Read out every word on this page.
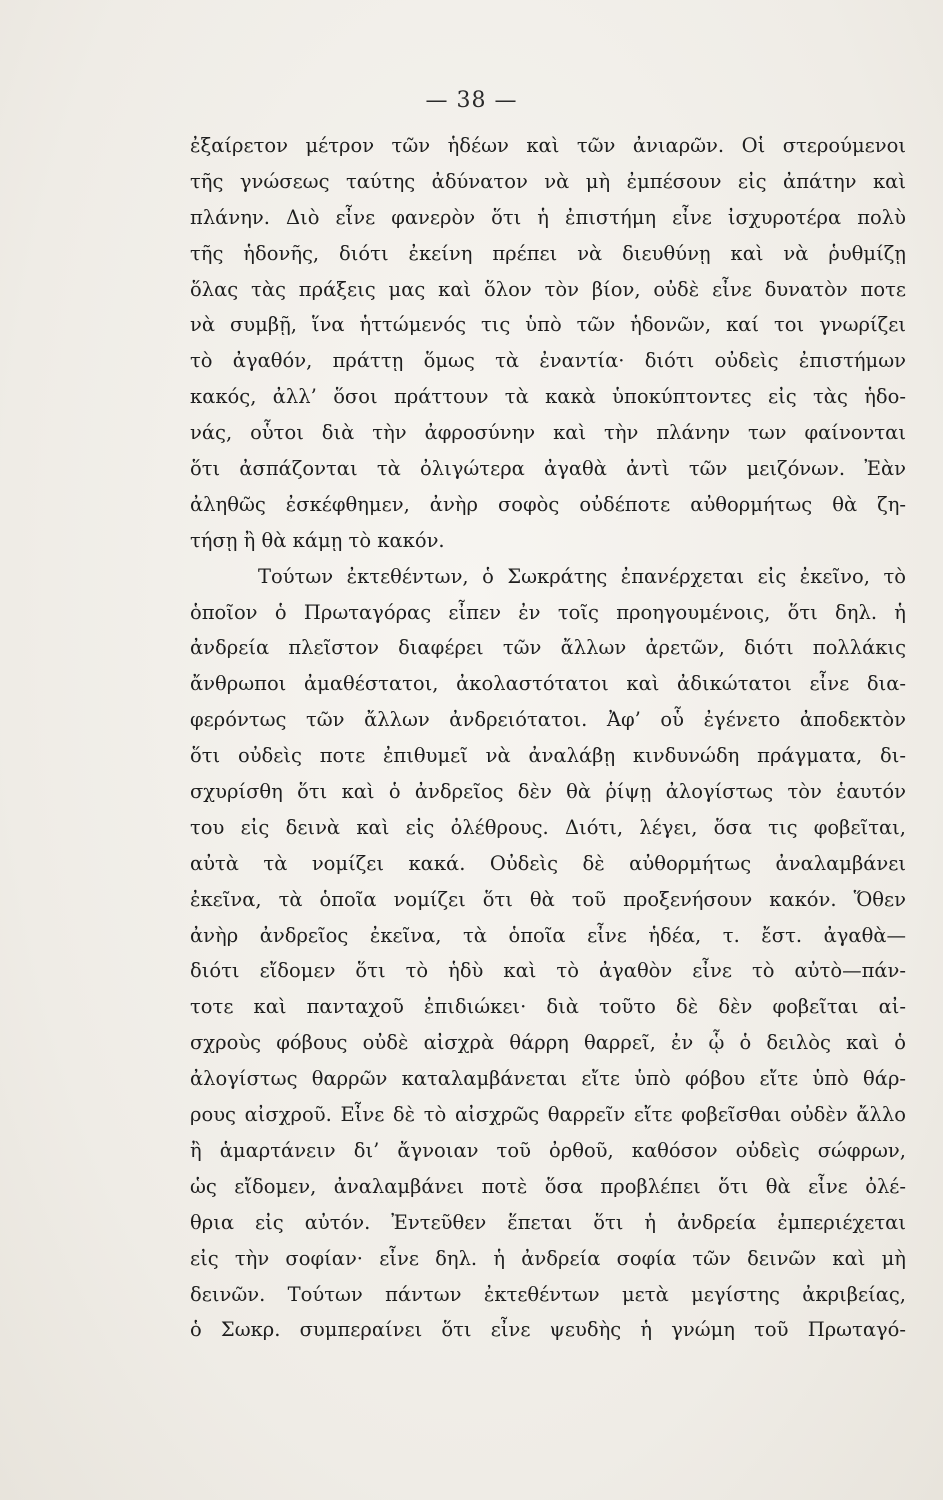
— 38 —
ἐξαίρετον μέτρον τῶν ἡδέων καὶ τῶν ἀνιαρῶν. Οἱ στερούμενοι
τῆς γνώσεως ταύτης ἀδύνατον νὰ μὴ ἐμπέσουν εἰς ἀπάτην καὶ
πλάνην. Διὸ εἶνε φανερὸν ὅτι ἡ ἐπιστήμη εἶνε ἰσχυροτέρα πολὺ
τῆς ἡδονῆς, διότι ἐκείνη πρέπει νὰ διευθύνῃ καὶ νὰ ῥυθμίζῃ
ὅλας τὰς πράξεις μας καὶ ὅλον τὸν βίον, οὐδὲ εἶνε δυνατὸν ποτε
νὰ συμβῇ, ἵνα ἡττώμενός τις ὑπὸ τῶν ἡδονῶν, καί τοι γνωρίζει
τὸ ἀγαθόν, πράττῃ ὅμως τὰ ἐναντία· διότι οὐδεὶς ἐπιστήμων
κακός, ἀλλ’ ὅσοι πράττουν τὰ κακὰ ὑποκύπτοντες εἰς τὰς ἡδο-
νάς, οὗτοι διὰ τὴν ἀφροσύνην καὶ τὴν πλάνην των φαίνονται
ὅτι ἀσπάζονται τὰ ὀλιγώτερα ἀγαθὰ ἀντὶ τῶν μειζόνων. Ἐὰν
ἀληθῶς ἐσκέφθημεν, ἀνὴρ σοφὸς οὐδέποτε αὐθορμήτως θὰ ζη-
τήσῃ ἢ θὰ κάμῃ τὸ κακόν.
Τούτων ἐκτεθέντων, ὁ Σωκράτης ἐπανέρχεται εἰς ἐκεῖνο, τὸ
ὁποῖον ὁ Πρωταγόρας εἶπεν ἐν τοῖς προηγουμένοις, ὅτι δηλ. ἡ
ἀνδρεία πλεῖστον διαφέρει τῶν ἄλλων ἀρετῶν, διότι πολλάκις
ἄνθρωποι ἀμαθέστατοι, ἀκολαστότατοι καὶ ἀδικώτατοι εἶνε δια-
φερόντως τῶν ἄλλων ἀνδρειότατοι. Ἀφ’ οὗ ἐγένετο ἀποδεκτὸν
ὅτι οὐδεὶς ποτε ἐπιθυμεῖ νὰ ἀναλάβῃ κινδυνώδη πράγματα, δι-
σχυρίσθη ὅτι καὶ ὁ ἀνδρεῖος δὲν θὰ ῥίψῃ ἀλογίστως τὸν ἑαυτόν
του εἰς δεινὰ καὶ εἰς ὀλέθρους. Διότι, λέγει, ὅσα τις φοβεῖται,
αὐτὰ τὰ νομίζει κακά. Οὐδεὶς δὲ αὐθορμήτως ἀναλαμβάνει
ἐκεῖνα, τὰ ὁποῖα νομίζει ὅτι θὰ τοῦ προξενήσουν κακόν. Ὅθεν
ἀνὴρ ἀνδρεῖος ἐκεῖνα, τὰ ὁποῖα εἶνε ἡδέα, τ. ἔστ. ἀγαθὰ—
διότι εἴδομεν ὅτι τὸ ἡδὺ καὶ τὸ ἀγαθὸν εἶνε τὸ αὐτὸ—πάν-
τοτε καὶ πανταχοῦ ἐπιδιώκει· διὰ τοῦτο δὲ δὲν φοβεῖται αἰ-
σχροὺς φόβους οὐδὲ αἰσχρὰ θάρρη θαρρεῖ, ἐν ᾧ ὁ δειλὸς καὶ ὁ
ἀλογίστως θαρρῶν καταλαμβάνεται εἴτε ὑπὸ φόβου εἴτε ὑπὸ θάρ-
ρους αἰσχροῦ. Εἶνε δὲ τὸ αἰσχρῶς θαρρεῖν εἴτε φοβεῖσθαι οὐδὲν ἄλλο
ἢ ἁμαρτάνειν δι’ ἄγνοιαν τοῦ ὀρθοῦ, καθόσον οὐδεὶς σώφρων,
ὡς εἴδομεν, ἀναλαμβάνει ποτὲ ὅσα προβλέπει ὅτι θὰ εἶνε ὀλέ-
θρια εἰς αὐτόν. Ἐντεῦθεν ἕπεται ὅτι ἡ ἀνδρεία ἐμπεριέχεται
εἰς τὴν σοφίαν· εἶνε δηλ. ἡ ἀνδρεία σοφία τῶν δεινῶν καὶ μὴ
δεινῶν. Τούτων πάντων ἐκτεθέντων μετὰ μεγίστης ἀκριβείας,
ὁ Σωκρ. συμπεραίνει ὅτι εἶνε ψευδὴς ἡ γνώμη τοῦ Πρωταγό-
